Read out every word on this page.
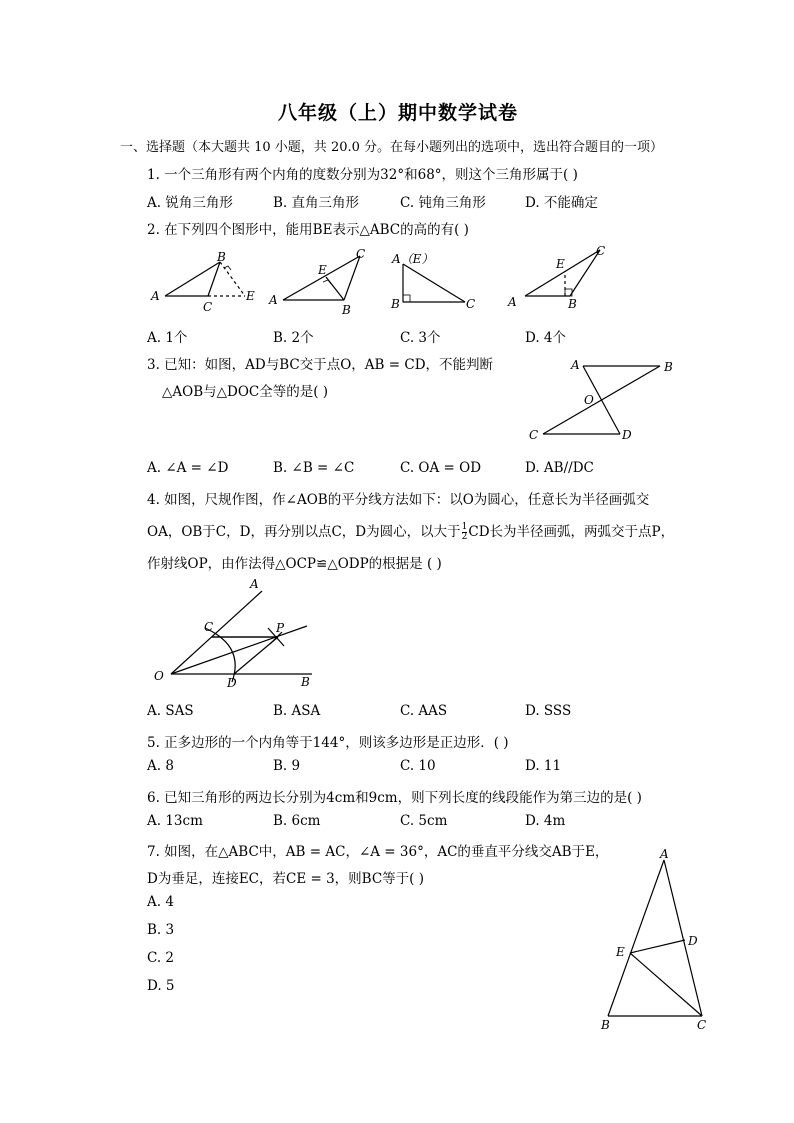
八年级（上）期中数学试卷
一、选择题（本大题共 10 小题，共 20.0 分。在每小题列出的选项中，选出符合题目的一项）
1. 一个三角形有两个内角的度数分别为32°和68°，则这个三角形属于( )
A. 锐角三角形	B. 直角三角形	C. 钝角三角形	D. 不能确定
2. 在下列四个图形中，能用BE表示△ABC的高的有( )
A
B
C
E A
C
E
B
A（E）
B	C	A
E
C
B
A. 1个	B. 2个	C. 3个	D. 4个
3. 已知：如图，AD与BC交于点O，AB = CD，不能判断
△AOB与△DOC全等的是( )
A	B
O
C	D
A. ∠A = ∠D	B. ∠B = ∠C	C. OA = OD	D. AB//DC
4. 如图，尺规作图，作∠AOB的平分线方法如下：以O为圆心，任意长为半径画弧交
OA，OB于C，D，再分别以点C，D为圆心，以大于 $\frac{1}{2}$ CD长为半径画弧，两弧交于点P，
作射线OP，由作法得△OCP≌△ODP的根据是 ( )
A
C	P
O	D	B
A. SAS	B. ASA	C. AAS	D. SSS
5. 正多边形的一个内角等于144°，则该多边形是正边形．( )
A. 8	B. 9	C. 10	D. 11
6. 已知三角形的两边长分别为4cm和9cm，则下列长度的线段能作为第三边的是( )
A. 13cm	B. 6cm	C. 5cm	D. 4m
7. 如图，在△ABC中，AB = AC，∠A = 36°，AC的垂直平分线交AB于E，
D为垂足，连接EC，若CE = 3，则BC等于( )
A. 4
B. 3
C. 2
D. 5
A
D
E
B	C
